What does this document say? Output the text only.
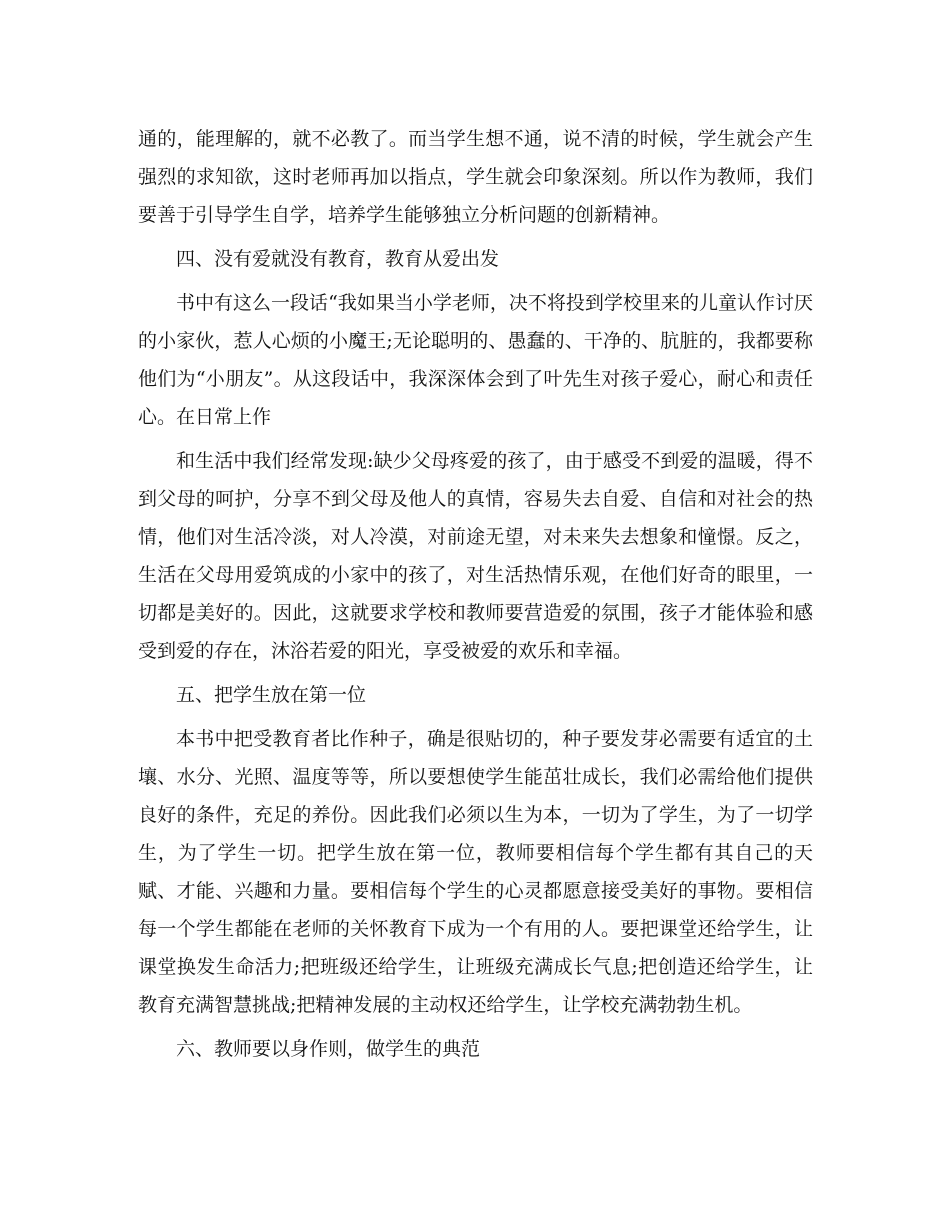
通的，能理解的，就不必教了。而当学生想不通，说不清的时候，学生就会产生强烈的求知欲，这时老师再加以指点，学生就会印象深刻。所以作为教师，我们要善于引导学生自学，培养学生能够独立分析问题的创新精神。

四、没有爱就没有教育，教育从爱出发

书中有这么一段话“我如果当小学老师，决不将投到学校里来的儿童认作讨厌的小家伙，惹人心烦的小魔王;无论聪明的、愚蠢的、干净的、肮脏的，我都要称他们为“小朋友”。从这段话中，我深深体会到了叶先生对孩子爱心，耐心和责任心。在日常上作

和生活中我们经常发现:缺少父母疼爱的孩了，由于感受不到爱的温暖，得不到父母的呵护，分享不到父母及他人的真情，容易失去自爱、自信和对社会的热情，他们对生活冷淡，对人冷漠，对前途无望，对未来失去想象和憧憬。反之，生活在父母用爱筑成的小家中的孩了，对生活热情乐观，在他们好奇的眼里，一切都是美好的。因此，这就要求学校和教师要营造爱的氛围，孩子才能体验和感受到爱的存在，沐浴若爱的阳光，享受被爱的欢乐和幸福。

五、把学生放在第一位

本书中把受教育者比作种子，确是很贴切的，种子要发芽必需要有适宜的土壤、水分、光照、温度等等，所以要想使学生能茁壮成长，我们必需给他们提供良好的条件，充足的养份。因此我们必须以生为本，一切为了学生，为了一切学生，为了学生一切。把学生放在第一位，教师要相信每个学生都有其自己的天赋、才能、兴趣和力量。要相信每个学生的心灵都愿意接受美好的事物。要相信每一个学生都能在老师的关怀教育下成为一个有用的人。要把课堂还给学生，让课堂换发生命活力;把班级还给学生，让班级充满成长气息;把创造还给学生，让教育充满智慧挑战;把精神发展的主动权还给学生，让学校充满勃勃生机。

六、教师要以身作则，做学生的典范
